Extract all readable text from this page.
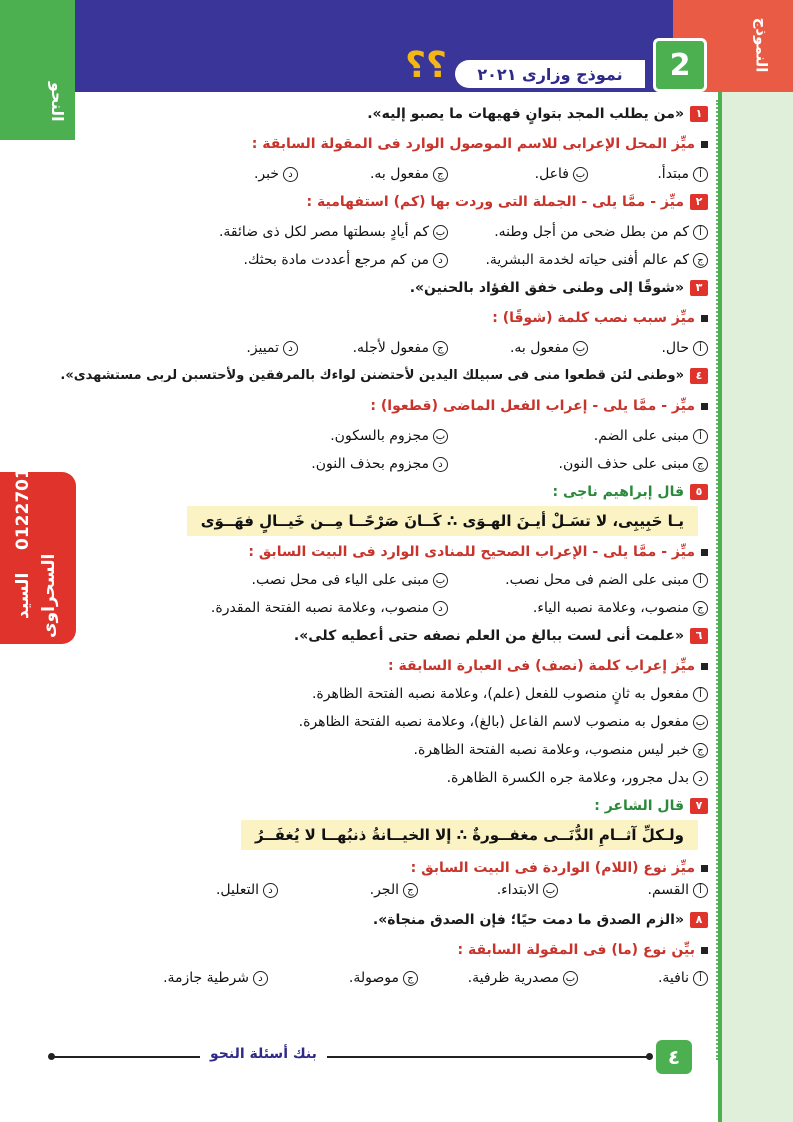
النحو
النموذج
2
نموذج وزارى ٢٠٢١
؟؟
السيد السحراوى
01227012607
١«من يطلب المجد بتوانٍ فهيهات ما يصبو إليه».
ميِّز المحل الإعرابى للاسم الموصول الوارد فى المقولة السابقة :
أمبتدأ.
بفاعل.
جمفعول به.
دخبر.
٢ميِّز - ممَّا يلى - الجملة التى وردت بها (كم) استفهامية :
أكم من بطل ضحى من أجل وطنه.
بكم أيادٍ بسطتها مصر لكل ذى ضائقة.
جكم عالم أفنى حياته لخدمة البشرية.
دمن كم مرجع أعددت مادة بحثك.
٣«شوقًا إلى وطنى خفق الفؤاد بالحنين».
ميِّز سبب نصب كلمة (شوقًا) :
أحال.
بمفعول به.
جمفعول لأجله.
دتمييز.
٤«وطنى لئن قطعوا منى فى سبيلك اليدين لأحتضنن لواءك بالمرفقين ولأحتسبن لربى مستشهدى».
ميِّز - ممَّا يلى - إعراب الفعل الماضى (قطعوا) :
أمبنى على الضم.
بمجزوم بالسكون.
جمبنى على حذف النون.
دمجزوم بحذف النون.
٥قال إبراهيم ناجى :
يـا حَبِيبِى، لا تسَـلْ أيـنَ الهـوَى ∴ كَــانَ صَرْحًــا مِــن خَيــالٍ فهَــوَى
ميِّز - ممَّا يلى - الإعراب الصحيح للمنادى الوارد فى البيت السابق :
أمبنى على الضم فى محل نصب.
بمبنى على الياء فى محل نصب.
جمنصوب، وعلامة نصبه الياء.
دمنصوب، وعلامة نصبه الفتحة المقدرة.
٦«علمت أنى لست ببالغ من العلم نصفه حتى أعطيه كلى».
ميِّز إعراب كلمة (نصف) فى العبارة السابقة :
أمفعول به ثانٍ منصوب للفعل (علم)، وعلامة نصبه الفتحة الظاهرة.
بمفعول به منصوب لاسم الفاعل (بالغ)، وعلامة نصبه الفتحة الظاهرة.
جخبر ليس منصوب، وعلامة نصبه الفتحة الظاهرة.
دبدل مجرور، وعلامة جره الكسرة الظاهرة.
٧قال الشاعر :
ولـكلِّ آثــامِ الدُّنَــى مغفــورةٌ ∴ إلا الخيــانةُ ذنبُهــا لا يُغفَــرُ
ميِّز نوع (اللام) الواردة فى البيت السابق :
أالقسم.
بالابتداء.
جالجر.
دالتعليل.
٨«الزم الصدق ما دمت حيًا؛ فإن الصدق منجاة».
بيِّن نوع (ما) فى المقولة السابقة :
أنافية.
بمصدرية ظرفية.
جموصولة.
دشرطية جازمة.
بنك أسئلة النحو	٤
